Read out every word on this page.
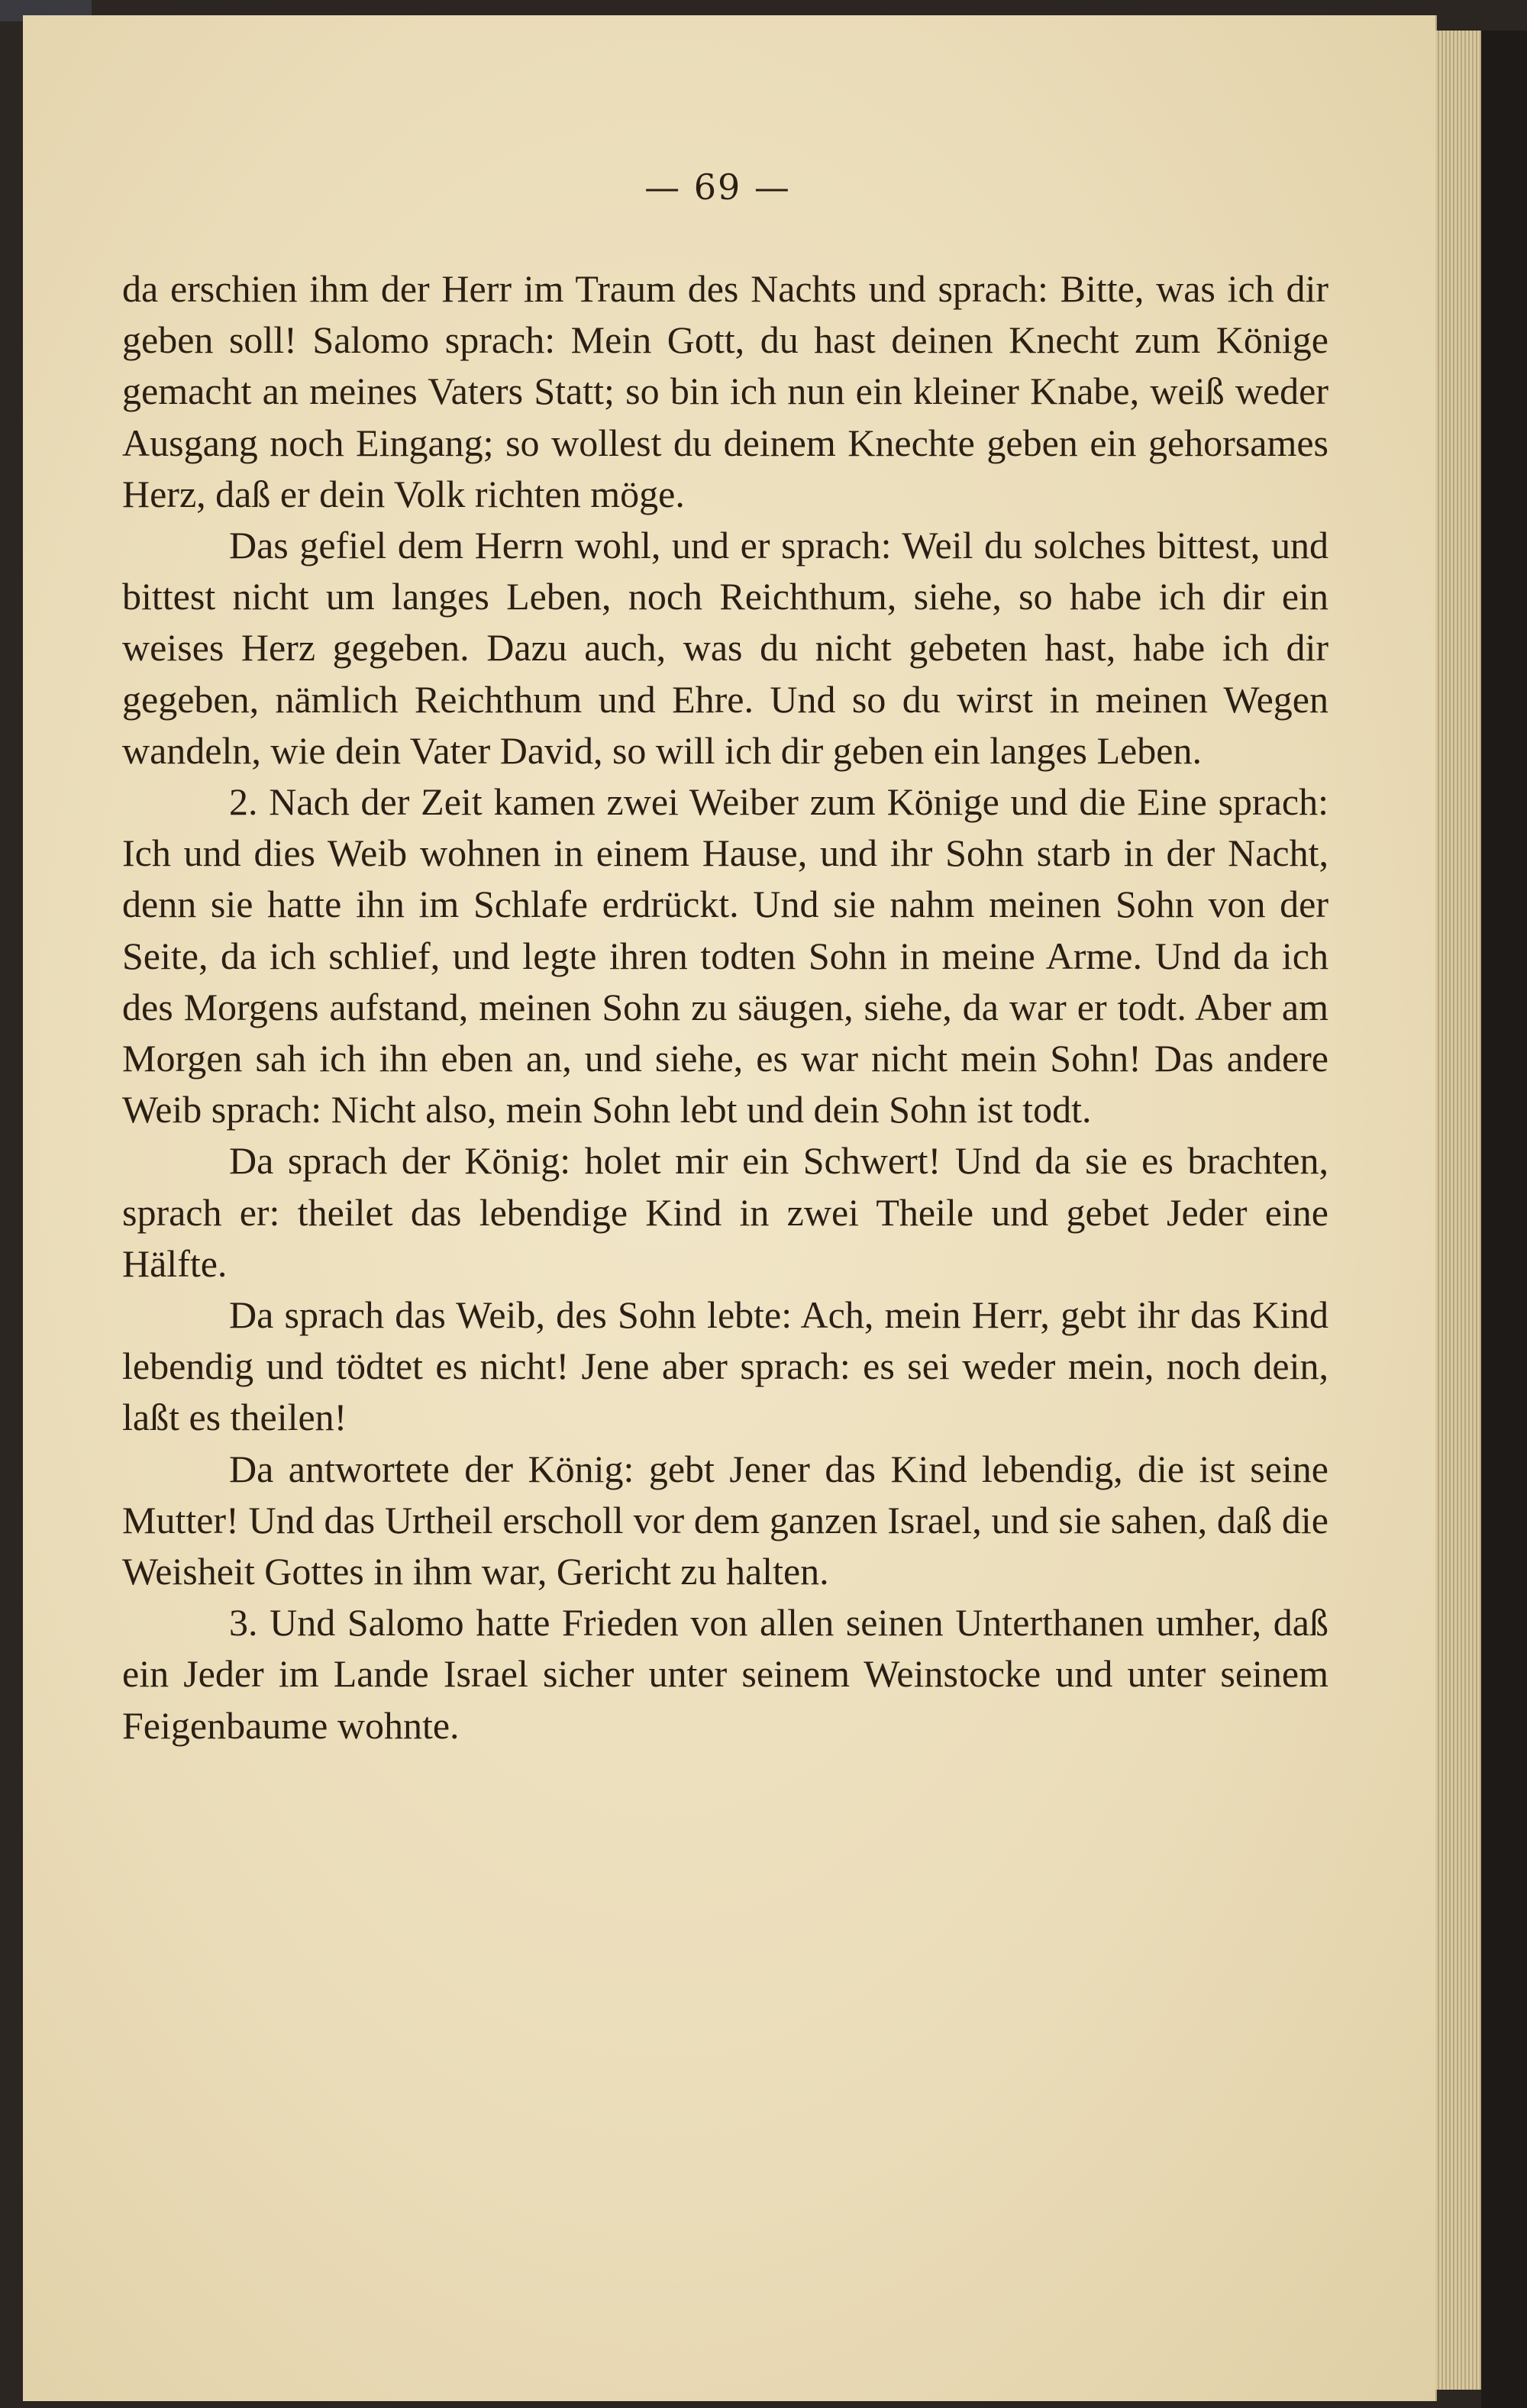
— 69 —

da erschien ihm der Herr im Traum des Nachts und sprach: Bitte, was ich dir geben soll! Salomo sprach: Mein Gott, du hast deinen Knecht zum Könige gemacht an meines Vaters Statt; so bin ich nun ein kleiner Knabe, weiß weder Ausgang noch Eingang; so wollest du deinem Knechte geben ein gehorsames Herz, daß er dein Volk richten möge.

Das gefiel dem Herrn wohl, und er sprach: Weil du solches bittest, und bittest nicht um langes Leben, noch Reichthum, siehe, so habe ich dir ein weises Herz gegeben. Dazu auch, was du nicht gebeten hast, habe ich dir gegeben, nämlich Reichthum und Ehre. Und so du wirst in meinen Wegen wandeln, wie dein Vater David, so will ich dir geben ein langes Leben.

2. Nach der Zeit kamen zwei Weiber zum Könige und die Eine sprach: Ich und dies Weib wohnen in einem Hause, und ihr Sohn starb in der Nacht, denn sie hatte ihn im Schlafe erdrückt. Und sie nahm meinen Sohn von der Seite, da ich schlief, und legte ihren todten Sohn in meine Arme. Und da ich des Morgens aufstand, meinen Sohn zu säugen, siehe, da war er todt. Aber am Morgen sah ich ihn eben an, und siehe, es war nicht mein Sohn! Das andere Weib sprach: Nicht also, mein Sohn lebt und dein Sohn ist todt.

Da sprach der König: holet mir ein Schwert! Und da sie es brachten, sprach er: theilet das lebendige Kind in zwei Theile und gebet Jeder eine Hälfte.

Da sprach das Weib, des Sohn lebte: Ach, mein Herr, gebt ihr das Kind lebendig und tödtet es nicht! Jene aber sprach: es sei weder mein, noch dein, laßt es theilen!

Da antwortete der König: gebt Jener das Kind lebendig, die ist seine Mutter! Und das Urtheil erscholl vor dem ganzen Israel, und sie sahen, daß die Weisheit Gottes in ihm war, Gericht zu halten.

3. Und Salomo hatte Frieden von allen seinen Unterthanen umher, daß ein Jeder im Lande Israel sicher unter seinem Weinstocke und unter seinem Feigenbaume wohnte.
